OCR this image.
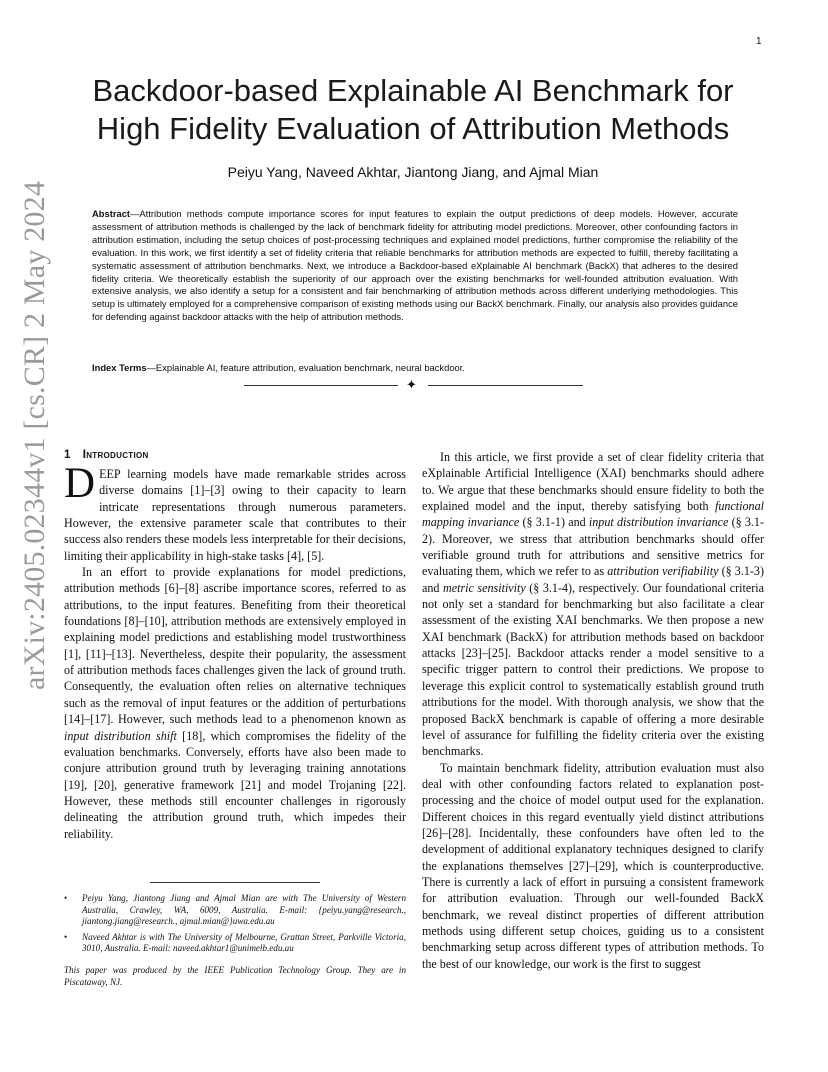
1
arXiv:2405.02344v1 [cs.CR] 2 May 2024
Backdoor-based Explainable AI Benchmark for
High Fidelity Evaluation of Attribution Methods
Peiyu Yang, Naveed Akhtar, Jiantong Jiang, and Ajmal Mian
Abstract—Attribution methods compute importance scores for input features to explain the output predictions of deep models. However, accurate assessment of attribution methods is challenged by the lack of benchmark fidelity for attributing model predictions. Moreover, other confounding factors in attribution estimation, including the setup choices of post-processing techniques and explained model predictions, further compromise the reliability of the evaluation. In this work, we first identify a set of fidelity criteria that reliable benchmarks for attribution methods are expected to fulfill, thereby facilitating a systematic assessment of attribution benchmarks. Next, we introduce a Backdoor-based eXplainable AI benchmark (BackX) that adheres to the desired fidelity criteria. We theoretically establish the superiority of our approach over the existing benchmarks for well-founded attribution evaluation. With extensive analysis, we also identify a setup for a consistent and fair benchmarking of attribution methods across different underlying methodologies. This setup is ultimately employed for a comprehensive comparison of existing methods using our BackX benchmark. Finally, our analysis also provides guidance for defending against backdoor attacks with the help of attribution methods.
Index Terms—Explainable AI, feature attribution, evaluation benchmark, neural backdoor.
✦
1 Introduction

DEEP learning models have made remarkable strides across diverse domains [1]–[3] owing to their capacity to learn intricate representations through numerous parameters. However, the extensive parameter scale that contributes to their success also renders these models less interpretable for their decisions, limiting their applicability in high-stake tasks [4], [5].

In an effort to provide explanations for model predictions, attribution methods [6]–[8] ascribe importance scores, referred to as attributions, to the input features. Benefiting from their theoretical foundations [8]–[10], attribution methods are extensively employed in explaining model predictions and establishing model trustworthiness [1], [11]–[13]. Nevertheless, despite their popularity, the assessment of attribution methods faces challenges given the lack of ground truth. Consequently, the evaluation often relies on alternative techniques such as the removal of input features or the addition of perturbations [14]–[17]. However, such methods lead to a phenomenon known as input distribution shift [18], which compromises the fidelity of the evaluation benchmarks. Conversely, efforts have also been made to conjure attribution ground truth by leveraging training annotations [19], [20], generative framework [21] and model Trojaning [22]. However, these methods still encounter challenges in rigorously delineating the attribution ground truth, which impedes their reliability.

• Peiyu Yang, Jiantong Jiang and Ajmal Mian are with The University of Western Australia, Crawley, WA, 6009, Australia. E-mail: {peiyu.yang@research., jiantong.jiang@research., ajmal.mian@}uwa.edu.au
• Naveed Akhtar is with The University of Melbourne, Grattan Street, Parkville Victoria, 3010, Australia. E-mail: naveed.akhtar1@unimelb.edu.au
This paper was produced by the IEEE Publication Technology Group. They are in Piscataway, NJ.

In this article, we first provide a set of clear fidelity criteria that eXplainable Artificial Intelligence (XAI) benchmarks should adhere to. We argue that these benchmarks should ensure fidelity to both the explained model and the input, thereby satisfying both functional mapping invariance (§ 3.1-1) and input distribution invariance (§ 3.1-2). Moreover, we stress that attribution benchmarks should offer verifiable ground truth for attributions and sensitive metrics for evaluating them, which we refer to as attribution verifiability (§ 3.1-3) and metric sensitivity (§ 3.1-4), respectively. Our foundational criteria not only set a standard for benchmarking but also facilitate a clear assessment of the existing XAI benchmarks. We then propose a new XAI benchmark (BackX) for attribution methods based on backdoor attacks [23]–[25]. Backdoor attacks render a model sensitive to a specific trigger pattern to control their predictions. We propose to leverage this explicit control to systematically establish ground truth attributions for the model. With thorough analysis, we show that the proposed BackX benchmark is capable of offering a more desirable level of assurance for fulfilling the fidelity criteria over the existing benchmarks.

To maintain benchmark fidelity, attribution evaluation must also deal with other confounding factors related to explanation post-processing and the choice of model output used for the explanation. Different choices in this regard eventually yield distinct attributions [26]–[28]. Incidentally, these confounders have often led to the development of additional explanatory techniques designed to clarify the explanations themselves [27]–[29], which is counterproductive. There is currently a lack of effort in pursuing a consistent framework for attribution evaluation. Through our well-founded BackX benchmark, we reveal distinct properties of different attribution methods using different setup choices, guiding us to a consistent benchmarking setup across different types of attribution methods. To the best of our knowledge, our work is the first to suggest
